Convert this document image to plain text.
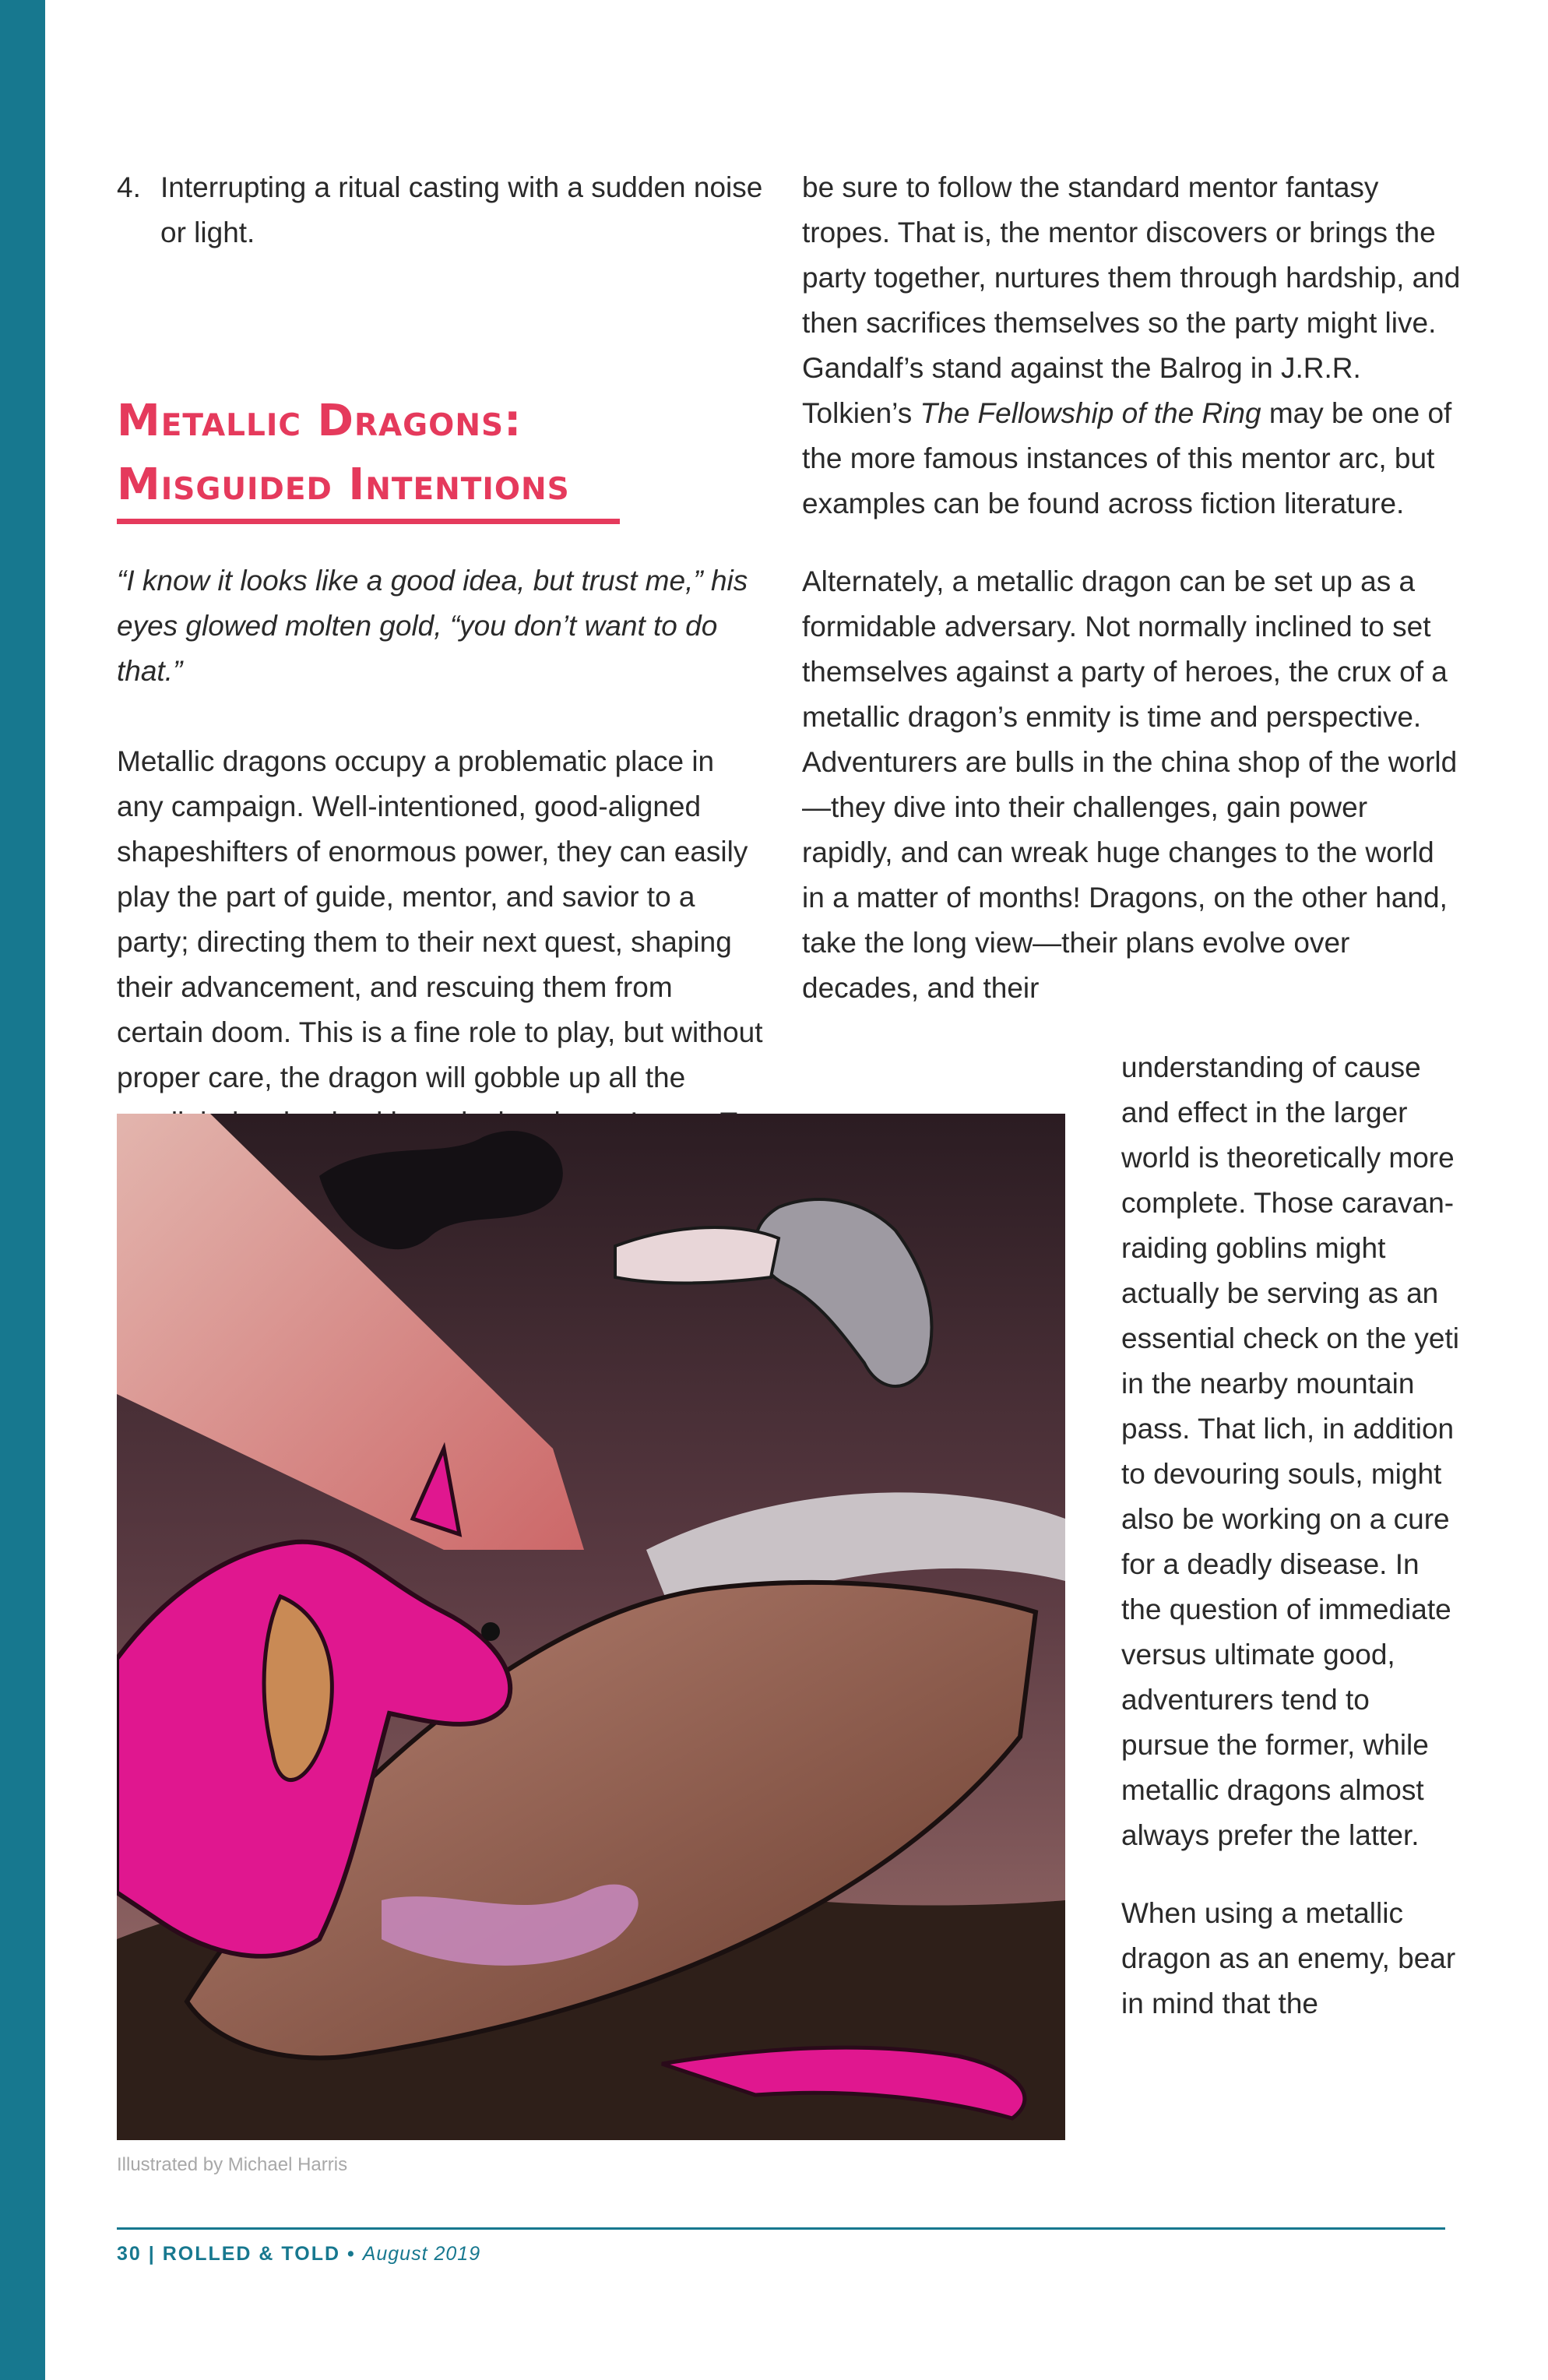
4. Interrupting a ritual casting with a sudden noise or light.
Metallic Dragons:
Misguided Intentions

“I know it looks like a good idea, but trust me,” his eyes glowed molten gold, “you don’t want to do that.”

Metallic dragons occupy a problematic place in any campaign. Well-intentioned, good-aligned shapeshifters of enormous power, they can easily play the part of guide, mentor, and savior to a party; directing them to their next quest, shaping their advancement, and rescuing them from certain doom. This is a fine role to play, but without proper care, the dragon will gobble up all the

be sure to follow the standard mentor fantasy tropes. That is, the mentor discovers or brings the party together, nurtures them through hardship, and then sacrifices themselves so the party might live. Gandalf’s stand against the Balrog in J.R.R. Tolkien’s The Fellowship of the Ring may be one of the more famous instances of this mentor arc, but examples can be found across fiction literature.

Alternately, a metallic dragon can be set up as a formidable adversary. Not normally inclined to set themselves against a party of heroes, the crux of a metallic dragon’s enmity is time and perspective. Adventurers are bulls in the china shop of the world—they dive into their challenges, gain power rapidly, and can wreak huge changes to the world in a matter of months! Dragons, on the other hand, take the long view—their plans evolve over decades, and their

understanding of cause and effect in the larger world is theoretically more complete. Those caravan-raiding goblins might actually be serving as an essential check on the yeti in the nearby mountain pass. That lich, in addition to devouring souls, might also be working on a cure for a deadly disease. In the question of immediate versus ultimate good, adventurers tend to pursue the former, while metallic dragons almost always prefer the latter.

When using a metallic dragon as an enemy, bear in mind that the

Illustrated by Michael Harris
30 | ROLLED & TOLD • August 2019
